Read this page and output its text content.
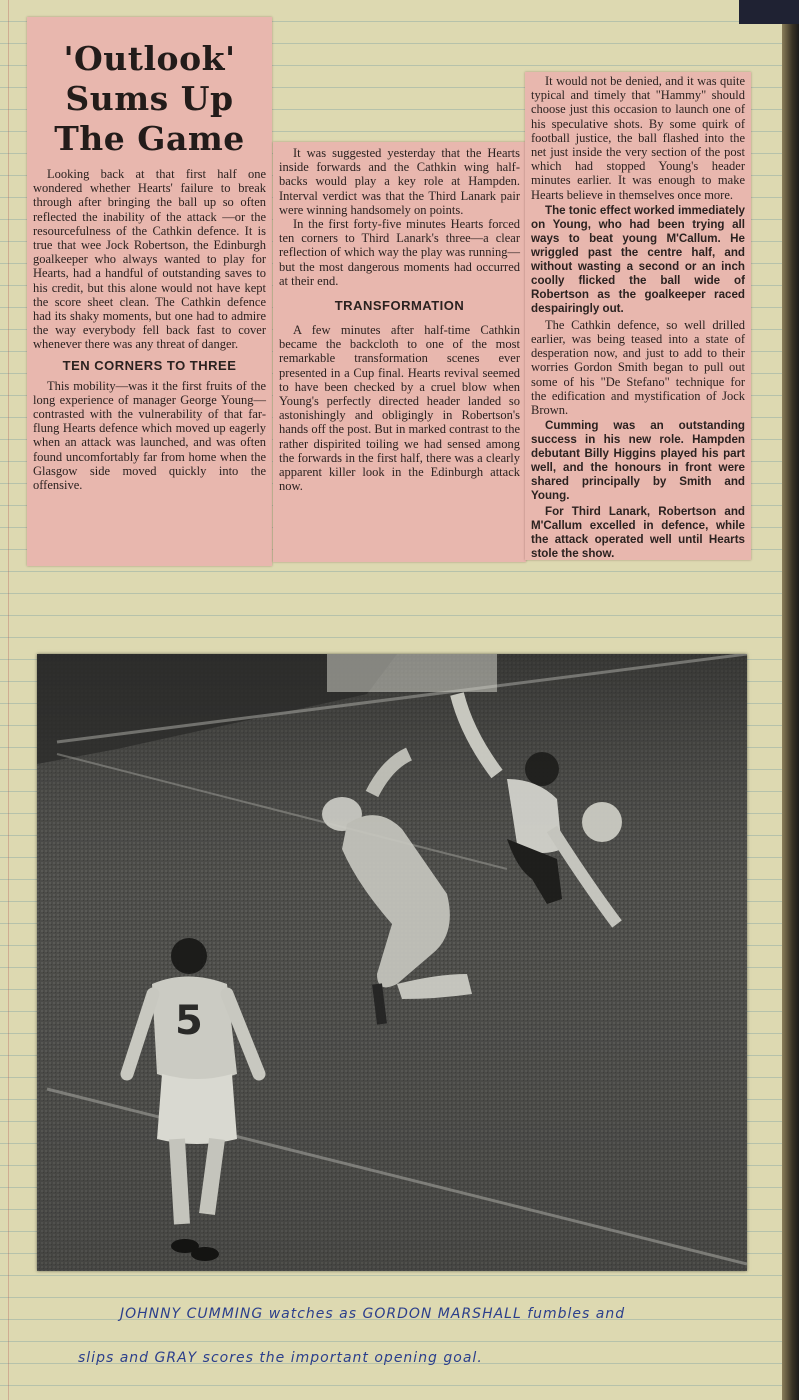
'Outlook'
Sums Up
The Game

Looking back at that first half one wondered whether Hearts' failure to break through after bringing the ball up so often reflected the inability of the attack —or the resourcefulness of the Cathkin defence. It is true that wee Jock Robertson, the Edinburgh goalkeeper who always wanted to play for Hearts, had a handful of outstanding saves to his credit, but this alone would not have kept the score sheet clean. The Cathkin defence had its shaky moments, but one had to admire the way everybody fell back fast to cover whenever there was any threat of danger.

TEN CORNERS TO THREE

This mobility—was it the first fruits of the long experience of manager George Young—contrasted with the vulnerability of that far-flung Hearts defence which moved up eagerly when an attack was launched, and was often found uncomfortably far from home when the Glasgow side moved quickly into the offensive.

It was suggested yesterday that the Hearts inside forwards and the Cathkin wing half-backs would play a key role at Hampden. Interval verdict was that the Third Lanark pair were winning handsomely on points.

In the first forty-five minutes Hearts forced ten corners to Third Lanark's three—a clear reflection of which way the play was running—but the most dangerous moments had occurred at their end.

TRANSFORMATION

A few minutes after half-time Cathkin became the backcloth to one of the most remarkable transformation scenes ever presented in a Cup final. Hearts revival seemed to have been checked by a cruel blow when Young's perfectly directed header landed so astonishingly and obligingly in Robertson's hands off the post. But in marked contrast to the rather dispirited toiling we had sensed among the forwards in the first half, there was a clearly apparent killer look in the Edinburgh attack now.

It would not be denied, and it was quite typical and timely that "Hammy" should choose just this occasion to launch one of his speculative shots. By some quirk of football justice, the ball flashed into the net just inside the very section of the post which had stopped Young's header minutes earlier. It was enough to make Hearts believe in themselves once more.

The tonic effect worked immediately on Young, who had been trying all ways to beat young M'Callum. He wriggled past the centre half, and without wasting a second or an inch coolly flicked the ball wide of Robertson as the goalkeeper raced despairingly out.

The Cathkin defence, so well drilled earlier, was being teased into a state of desperation now, and just to add to their worries Gordon Smith began to pull out some of his "De Stefano" technique for the edification and mystification of Jock Brown.

Cumming was an outstanding success in his new role. Hampden debutant Billy Higgins played his part well, and the honours in front were shared principally by Smith and Young.

For Third Lanark, Robertson and M'Callum excelled in defence, while the attack operated well until Hearts stole the show.

5
JOHNNY CUMMING watches as GORDON MARSHALL fumbles and
slips and GRAY scores the important opening goal.
